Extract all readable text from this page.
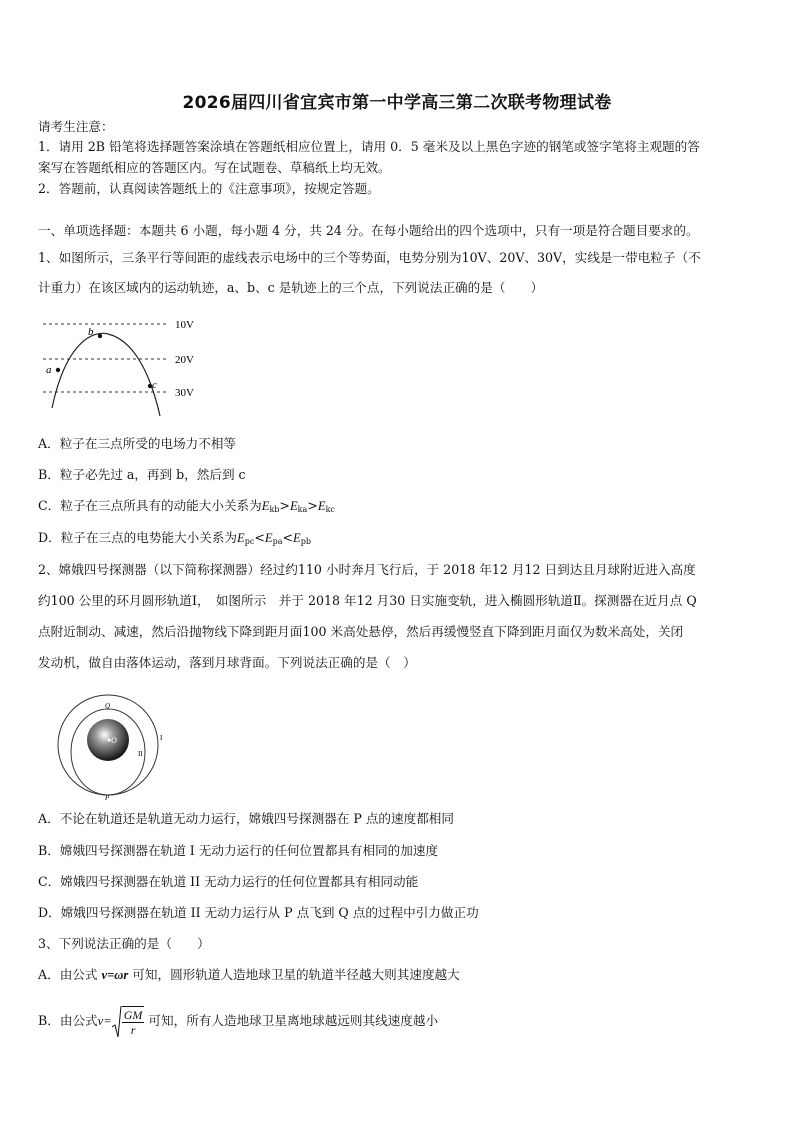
2026届四川省宜宾市第一中学高三第二次联考物理试卷
请考生注意：
1．请用 2B 铅笔将选择题答案涂填在答题纸相应位置上，请用 0．5 毫米及以上黑色字迹的钢笔或签字笔将主观题的答
案写在答题纸相应的答题区内。写在试题卷、草稿纸上均无效。
2．答题前，认真阅读答题纸上的《注意事项》，按规定答题。
一、单项选择题：本题共 6 小题，每小题 4 分，共 24 分。在每小题给出的四个选项中，只有一项是符合题目要求的。
1、如图所示，三条平行等间距的虚线表示电场中的三个等势面，电势分别为10V、20V、30V，实线是一带电粒子（不
计重力）在该区域内的运动轨迹，a、b、c 是轨迹上的三个点，下列说法正确的是（　　）
a
b
c
10V
20V
30V
A．粒子在三点所受的电场力不相等
B．粒子必先过 a，再到 b，然后到 c
C．粒子在三点所具有的动能大小关系为$E_{kb}>E_{ka}>E_{kc}$
D．粒子在三点的电势能大小关系为$E_{pc}<E_{pa}<E_{pb}$
2、嫦娥四号探测器（以下简称探测器）经过约110 小时奔月飞行后，于 2018 年12 月12 日到达且月球附近进入高度
约100 公里的环月圆形轨道Ⅰ，　如图所示　并于 2018 年12 月30 日实施变轨，进入椭圆形轨道Ⅱ。探测器在近月点 Q
点附近制动、减速，然后沿抛物线下降到距月面100 米高处悬停，然后再缓慢竖直下降到距月面仅为数米高处，关闭
发动机，做自由落体运动，落到月球背面。下列说法正确的是（　）
O
Q
P
I
II
A．不论在轨道还是轨道无动力运行，嫦娥四号探测器在 P 点的速度都相同
B．嫦娥四号探测器在轨道 I 无动力运行的任何位置都具有相同的加速度
C．嫦娥四号探测器在轨道 II 无动力运行的任何位置都具有相同动能
D．嫦娥四号探测器在轨道 II 无动力运行从 P 点飞到 Q 点的过程中引力做正功
3、下列说法正确的是（　　）
A．由公式 v=ωr 可知，圆形轨道人造地球卫星的轨道半径越大则其速度越大
B．由公式$v= \frac{GM}{r}$ 可知，所有人造地球卫星离地球越远则其线速度越小
